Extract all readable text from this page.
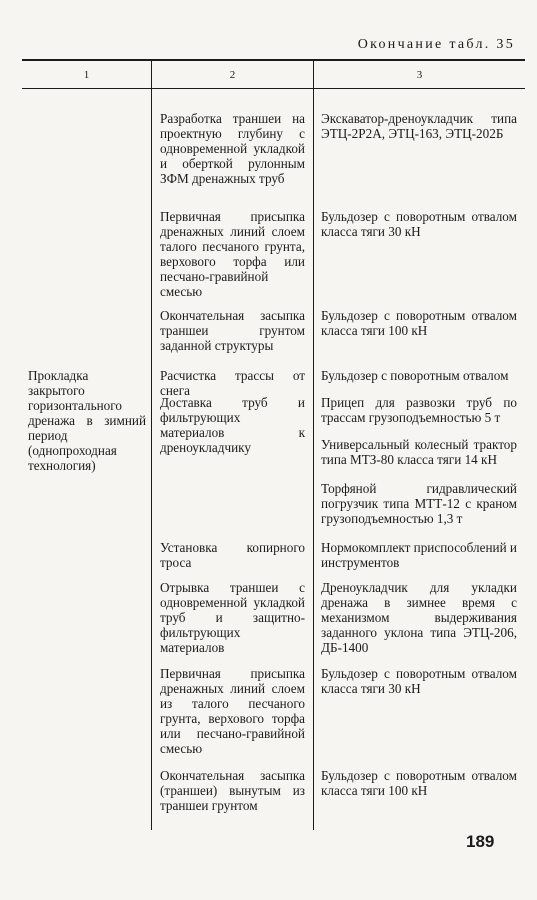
Окончание табл. 35
1	2	3
Прокладка закрытого горизонтального дренажа в зимний период (однопроходная технология)
Разработка траншеи на проектную глубину с одновременной укладкой и оберткой рулонным ЗФМ дренажных труб
Первичная присыпка дренажных линий слоем талого песчаного грунта, верхового торфа или песчано-гравийной смесью
Окончательная засыпка траншеи грунтом заданной структуры
Расчистка трассы от снега
Доставка труб и фильтрующих материалов к дреноукладчику
Установка копирного троса
Отрывка траншеи с одновременной укладкой труб и защитно-фильтрующих материалов
Первичная присыпка дренажных линий слоем из талого песчаного грунта, верхового торфа или песчано-гравийной смесью
Окончательная засыпка (траншеи) вынутым из траншеи грунтом
Экскаватор-дреноукладчик типа ЭТЦ-2Р2А, ЭТЦ-163, ЭТЦ-202Б
Бульдозер с поворотным отвалом класса тяги 30 кН
Бульдозер с поворотным отвалом класса тяги 100 кН
Бульдозер с поворотным отвалом
Прицеп для развозки труб по трассам грузоподъемностью 5 т
Универсальный колесный трактор типа МТЗ-80 класса тяги 14 кН
Торфяной гидравлический погрузчик типа МТТ-12 с краном грузоподъемностью 1,3 т
Нормокомплект приспособлений и инструментов
Дреноукладчик для укладки дренажа в зимнее время с механизмом выдерживания заданного уклона типа ЭТЦ-206, ДБ-1400
Бульдозер с поворотным отвалом класса тяги 30 кН
Бульдозер с поворотным отвалом класса тяги 100 кН
189
